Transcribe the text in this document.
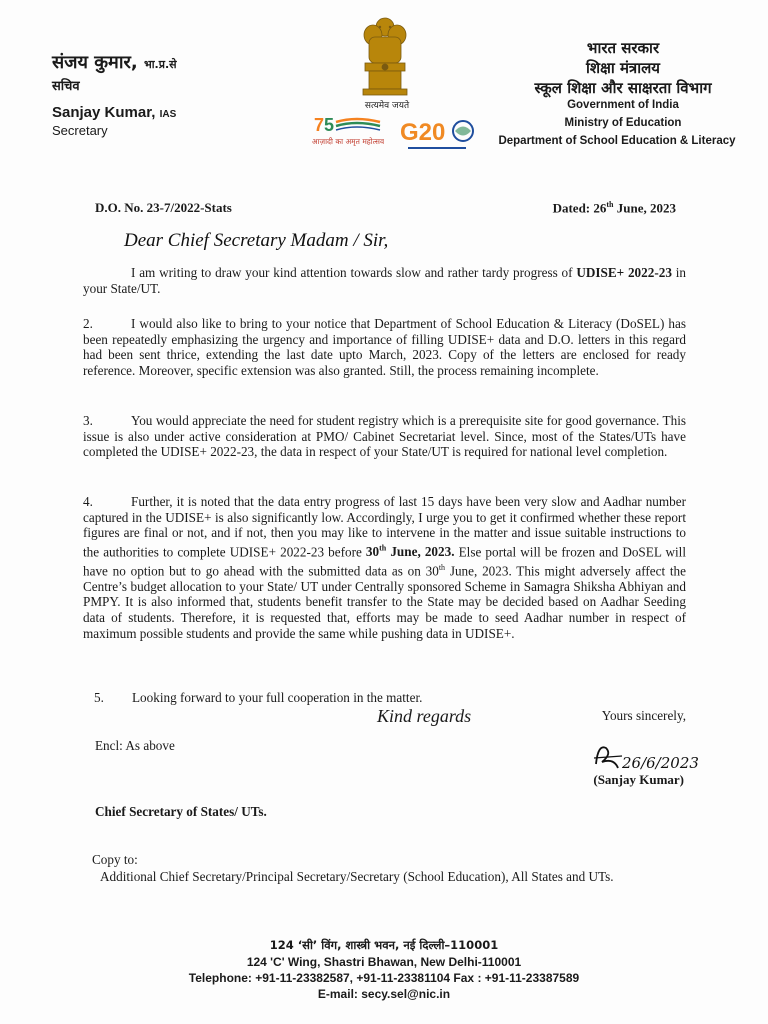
संजय कुमार, भा.प्र.से
सचिव
Sanjay Kumar, IAS
Secretary
सत्यमेव जयते
7 5
आज़ादी का अमृत महोत्सव G20
भारत सरकार
शिक्षा मंत्रालय
स्कूल शिक्षा और साक्षरता विभाग
Government of India
Ministry of Education
Department of School Education & Literacy
D.O. No. 23-7/2022-Stats	Dated: 26th June, 2023
Dear Chief Secretary Madam / Sir,
I am writing to draw your kind attention towards slow and rather tardy progress of UDISE+ 2022-23 in your State/UT.
2.	I would also like to bring to your notice that Department of School Education & Literacy (DoSEL) has been repeatedly emphasizing the urgency and importance of filling UDISE+ data and D.O. letters in this regard had been sent thrice, extending the last date upto March, 2023. Copy of the letters are enclosed for ready reference. Moreover, specific extension was also granted. Still, the process remaining incomplete.
3.	You would appreciate the need for student registry which is a prerequisite site for good governance. This issue is also under active consideration at PMO/ Cabinet Secretariat level. Since, most of the States/UTs have completed the UDISE+ 2022-23, the data in respect of your State/UT is required for national level completion.
4.	Further, it is noted that the data entry progress of last 15 days have been very slow and Aadhar number captured in the UDISE+ is also significantly low. Accordingly, I urge you to get it confirmed whether these report figures are final or not, and if not, then you may like to intervene in the matter and issue suitable instructions to the authorities to complete UDISE+ 2022-23 before 30th June, 2023. Else portal will be frozen and DoSEL will have no option but to go ahead with the submitted data as on 30th June, 2023. This might adversely affect the Centre’s budget allocation to your State/ UT under Centrally sponsored Scheme in Samagra Shiksha Abhiyan and PMPY. It is also informed that, students benefit transfer to the State may be decided based on Aadhar Seeding data of students. Therefore, it is requested that, efforts may be made to seed Aadhar number in respect of maximum possible students and provide the same while pushing data in UDISE+.
5. Looking forward to your full cooperation in the matter.
Kind regards	Yours sincerely,
Encl: As above
26/6/2023
(Sanjay Kumar)
Chief Secretary of States/ UTs.
Copy to:
Additional Chief Secretary/Principal Secretary/Secretary (School Education), All States and UTs.
124 ‘सी’ विंग, शास्त्री भवन, नई दिल्ली–110001
124 'C' Wing, Shastri Bhawan, New Delhi-110001
Telephone: +91-11-23382587, +91-11-23381104 Fax : +91-11-23387589
E-mail: secy.sel@nic.in
